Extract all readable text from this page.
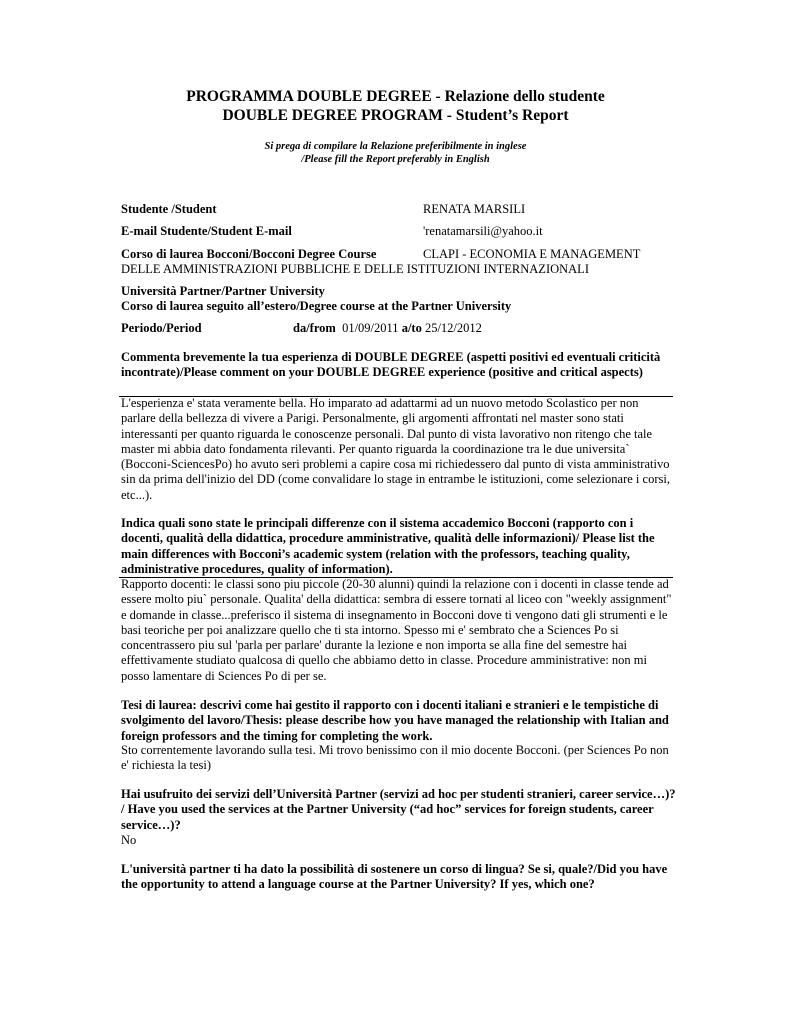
PROGRAMMA DOUBLE DEGREE - Relazione dello studente
DOUBLE DEGREE PROGRAM - Student’s Report
Si prega di compilare la Relazione preferibilmente in inglese
/Please fill the Report preferably in English
Studente /Student	RENATA MARSILI
E-mail Studente/Student E-mail	'renatamarsili@yahoo.it
Corso di laurea Bocconi/Bocconi Degree Course	CLAPI - ECONOMIA E MANAGEMENT
DELLE AMMINISTRAZIONI PUBBLICHE E DELLE ISTITUZIONI INTERNAZIONALI
Università Partner/Partner University
Corso di laurea seguito all’estero/Degree course at the Partner University
Periodo/Period	da/from 01/09/2011 a/to 25/12/2012
Commenta brevemente la tua esperienza di DOUBLE DEGREE (aspetti positivi ed eventuali criticità incontrate)/Please comment on your DOUBLE DEGREE experience (positive and critical aspects)
L'esperienza e' stata veramente bella. Ho imparato ad adattarmi ad un nuovo metodo Scolastico per non parlare della bellezza di vivere a Parigi. Personalmente, gli argomenti affrontati nel master sono stati interessanti per quanto riguarda le conoscenze personali. Dal punto di vista lavorativo non ritengo che tale master mi abbia dato fondamenta rilevanti. Per quanto riguarda la coordinazione tra le due universita` (Bocconi-SciencesPo) ho avuto seri problemi a capire cosa mi richiedessero dal punto di vista amministrativo sin da prima dell'inizio del DD (come convalidare lo stage in entrambe le istituzioni, come selezionare i corsi, etc...).
Indica quali sono state le principali differenze con il sistema accademico Bocconi (rapporto con i docenti, qualità della didattica, procedure amministrative, qualità delle informazioni)/ Please list the main differences with Bocconi’s academic system (relation with the professors, teaching quality, administrative procedures, quality of information).
Rapporto docenti: le classi sono piu piccole (20-30 alunni) quindi la relazione con i docenti in classe tende ad essere molto piu` personale. Qualita' della didattica: sembra di essere tornati al liceo con "weekly assignment" e domande in classe...preferisco il sistema di insegnamento in Bocconi dove ti vengono dati gli strumenti e le basi teoriche per poi analizzare quello che ti sta intorno. Spesso mi e' sembrato che a Sciences Po si concentrassero piu sul 'parla per parlare' durante la lezione e non importa se alla fine del semestre hai effettivamente studiato qualcosa di quello che abbiamo detto in classe. Procedure amministrative: non mi posso lamentare di Sciences Po di per se.
Tesi di laurea: descrivi come hai gestito il rapporto con i docenti italiani e stranieri e le tempistiche di svolgimento del lavoro/Thesis: please describe how you have managed the relationship with Italian and foreign professors and the timing for completing the work.
Sto correntemente lavorando sulla tesi. Mi trovo benissimo con il mio docente Bocconi. (per Sciences Po non e' richiesta la tesi)
Hai usufruito dei servizi dell’Università Partner (servizi ad hoc per studenti stranieri, career service…)? / Have you used the services at the Partner University (“ad hoc” services for foreign students, career service…)?
No
L'università partner ti ha dato la possibilità di sostenere un corso di lingua? Se si, quale?/Did you have the opportunity to attend a language course at the Partner University? If yes, which one?
